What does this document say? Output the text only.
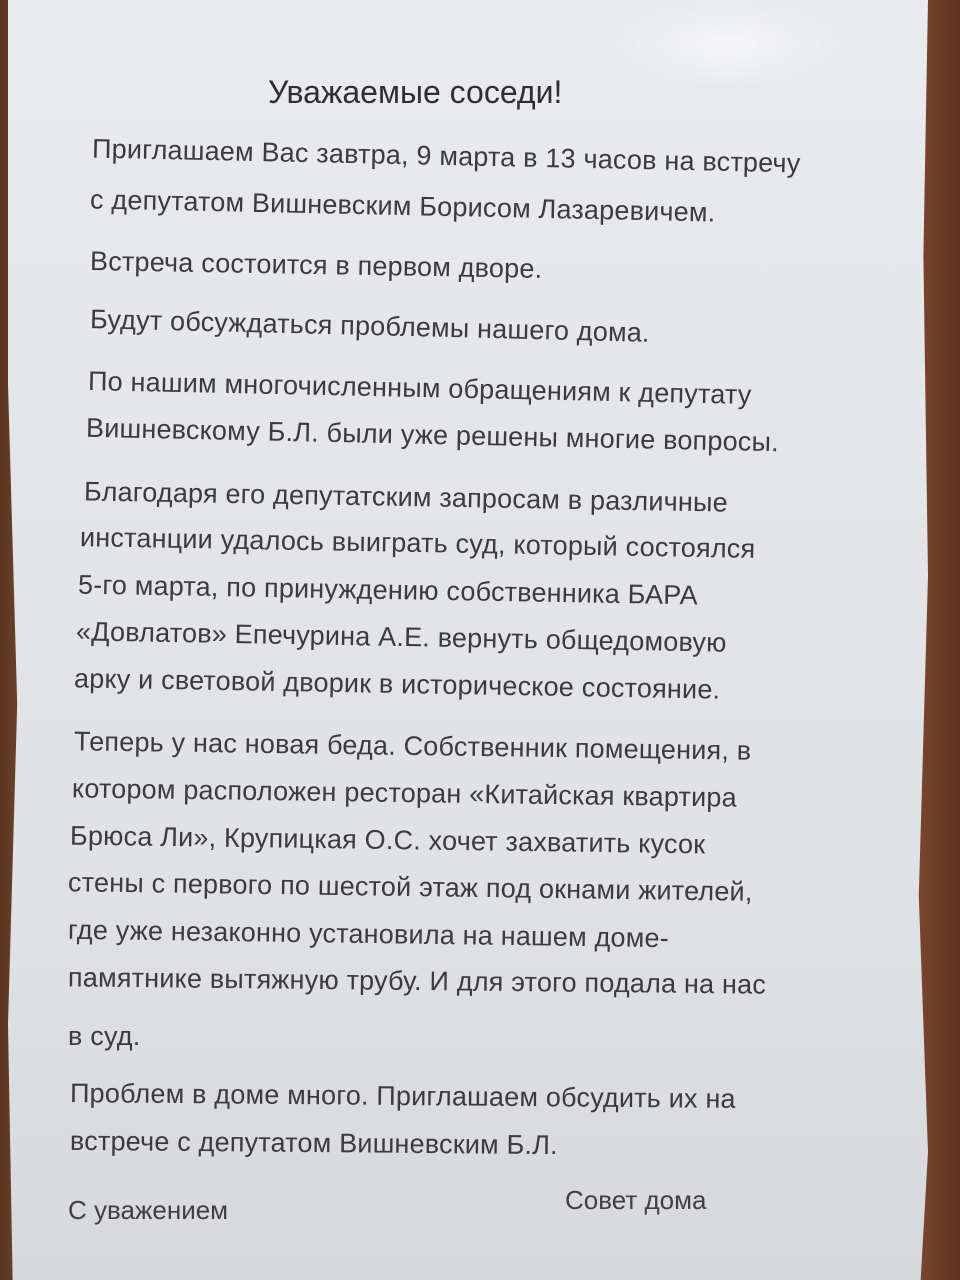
Уважаемые соседи!
Приглашаем Вас завтра, 9 марта в 13 часов на встречу
с депутатом Вишневским Борисом Лазаревичем.
Встреча состоится в первом дворе.
Будут обсуждаться проблемы нашего дома.
По нашим многочисленным обращениям к депутату
Вишневскому Б.Л. были уже решены многие вопросы.
Благодаря его депутатским запросам в различные
инстанции удалось выиграть суд, который состоялся
5-го марта, по принуждению собственника БАРА
«Довлатов» Епечурина А.Е. вернуть общедомовую
арку и световой дворик в историческое состояние.
Теперь у нас новая беда. Собственник помещения, в
котором расположен ресторан «Китайская квартира
Брюса Ли», Крупицкая О.С. хочет захватить кусок
стены с первого по шестой этаж под окнами жителей,
где уже незаконно установила на нашем доме-
памятнике вытяжную трубу. И для этого подала на нас
в суд.
Проблем в доме много. Приглашаем обсудить их на
встрече с депутатом Вишневским Б.Л.
С уважением	Совет дома
